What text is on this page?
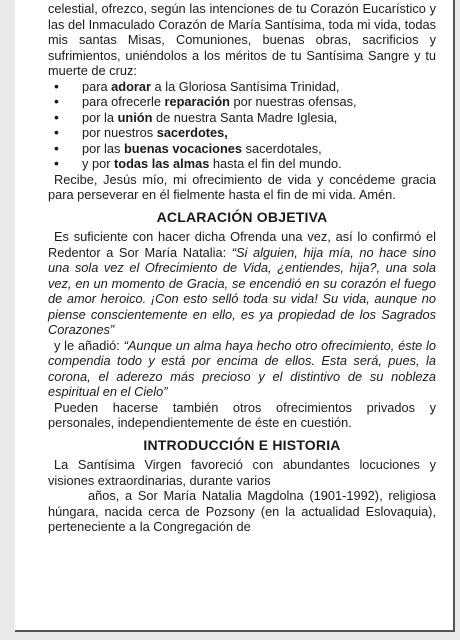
celestial, ofrezco, según las intenciones de tu Corazón Eucarístico y las del Inmaculado Corazón de María Santísima, toda mi vida, todas mis santas Misas, Comuniones, buenas obras, sacrificios y sufrimientos, uniéndolos a los méritos de tu Santísima Sangre y tu muerte de cruz:

• para adorar a la Gloriosa Santísima Trinidad,
• para ofrecerle reparación por nuestras ofensas,
• por la unión de nuestra Santa Madre Iglesia,
• por nuestros sacerdotes,
• por las buenas vocaciones sacerdotales,
• y por todas las almas hasta el fin del mundo.

Recibe, Jesús mío, mi ofrecimiento de vida y concédeme gracia para perseverar en él fielmente hasta el fin de mi vida. Amén.

ACLARACIÓN OBJETIVA

Es suficiente con hacer dicha Ofrenda una vez, así lo confirmó el Redentor a Sor María Natalia: “Si alguien, hija mía, no hace sino una sola vez el Ofrecimiento de Vida, ¿entiendes, hija?, una sola vez, en un momento de Gracia, se encendió en su corazón el fuego de amor heroico. ¡Con esto selló toda su vida! Su vida, aunque no piense conscientemente en ello, es ya propiedad de los Sagrados Corazones”

y le añadió: “Aunque un alma haya hecho otro ofrecimiento, éste lo compendia todo y está por encima de ellos. Esta será, pues, la corona, el aderezo más precioso y el distintivo de su nobleza espiritual en el Cielo”

Pueden hacerse también otros ofrecimientos privados y personales, independientemente de éste en cuestión.

INTRODUCCIÓN E HISTORIA

La Santísima Virgen favoreció con abundantes locuciones y visiones extraordinarias, durante varios

años, a Sor María Natalia Magdolna (1901-1992), religiosa húngara, nacida cerca de Pozsony (en la actualidad Eslovaquia), perteneciente a la Congregación de
